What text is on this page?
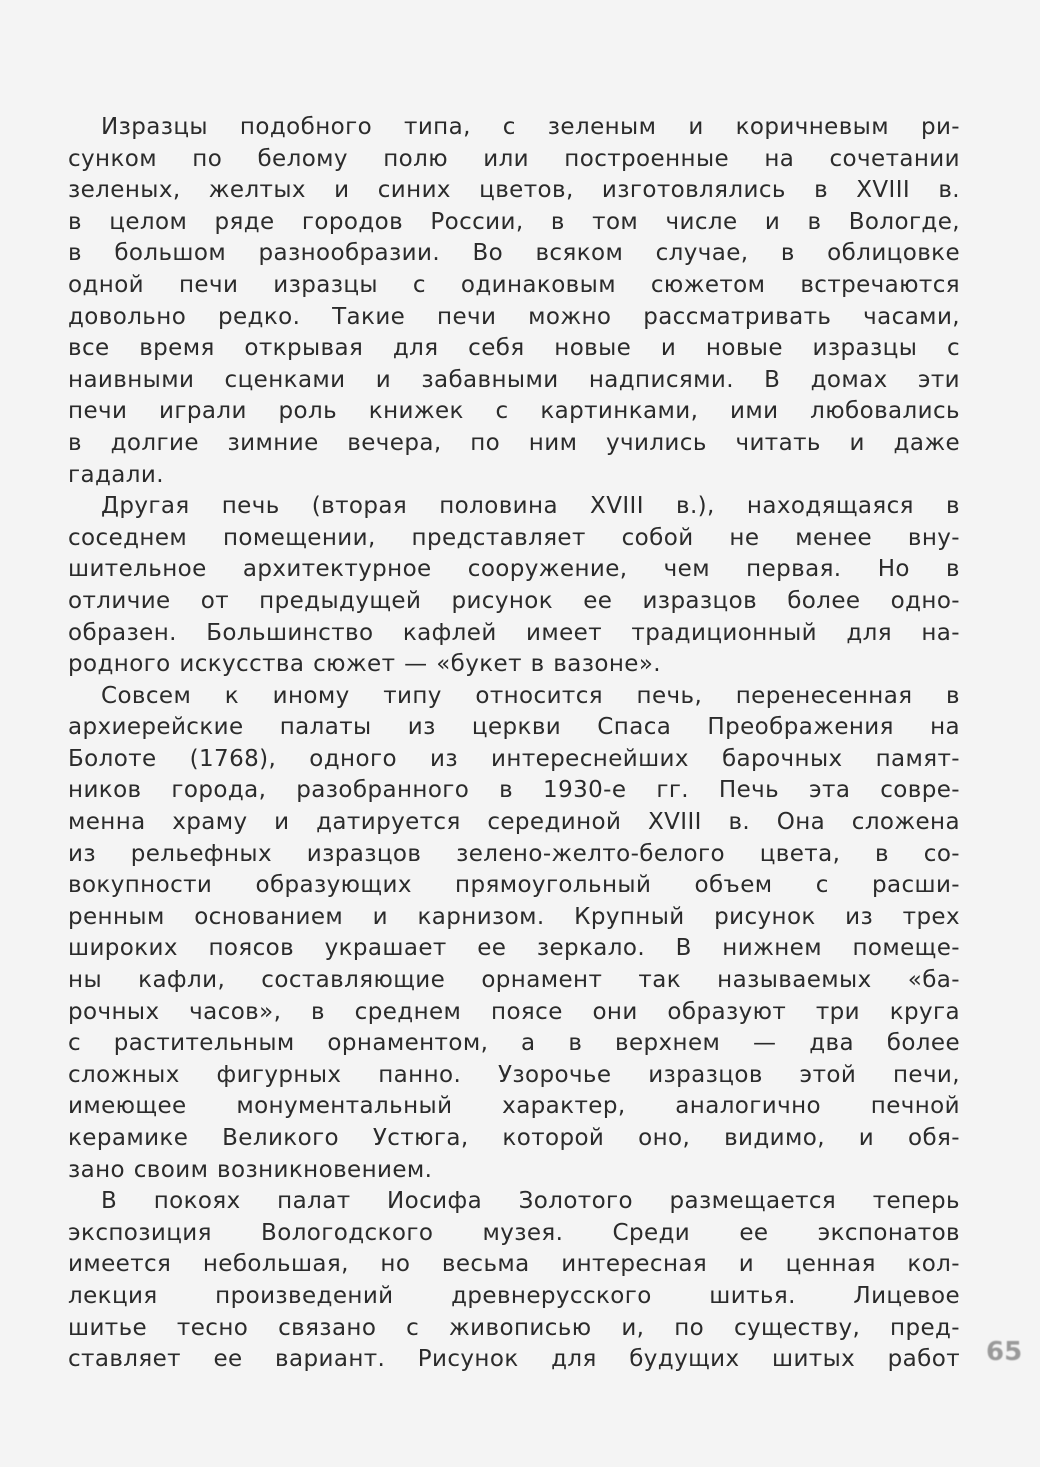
Изразцы подобного типа, с зеленым и коричневым ри-
сунком по белому полю или построенные на сочетании
зеленых, желтых и синих цветов, изготовлялись в XVIII в.
в целом ряде городов России, в том числе и в Вологде,
в большом разнообразии. Во всяком случае, в облицовке
одной печи изразцы с одинаковым сюжетом встречаются
довольно редко. Такие печи можно рассматривать часами,
все время открывая для себя новые и новые изразцы с
наивными сценками и забавными надписями. В домах эти
печи играли роль книжек с картинками, ими любовались
в долгие зимние вечера, по ним учились читать и даже
гадали.
Другая печь (вторая половина XVIII в.), находящаяся в
соседнем помещении, представляет собой не менее вну-
шительное архитектурное сооружение, чем первая. Но в
отличие от предыдущей рисунок ее изразцов более одно-
образен. Большинство кафлей имеет традиционный для на-
родного искусства сюжет — «букет в вазоне».
Совсем к иному типу относится печь, перенесенная в
архиерейские палаты из церкви Спаса Преображения на
Болоте (1768), одного из интереснейших барочных памят-
ников города, разобранного в 1930-е гг. Печь эта совре-
менна храму и датируется серединой XVIII в. Она сложена
из рельефных изразцов зелено-желто-белого цвета, в со-
вокупности образующих прямоугольный объем с расши-
ренным основанием и карнизом. Крупный рисунок из трех
широких поясов украшает ее зеркало. В нижнем помеще-
ны кафли, составляющие орнамент так называемых «ба-
рочных часов», в среднем поясе они образуют три круга
с растительным орнаментом, а в верхнем — два более
сложных фигурных панно. Узорочье изразцов этой печи,
имеющее монументальный характер, аналогично печной
керамике Великого Устюга, которой оно, видимо, и обя-
зано своим возникновением.
В покоях палат Иосифа Золотого размещается теперь
экспозиция Вологодского музея. Среди ее экспонатов
имеется небольшая, но весьма интересная и ценная кол-
лекция произведений древнерусского шитья. Лицевое
шитье тесно связано с живописью и, по существу, пред-
ставляет ее вариант. Рисунок для будущих шитых работ 65
